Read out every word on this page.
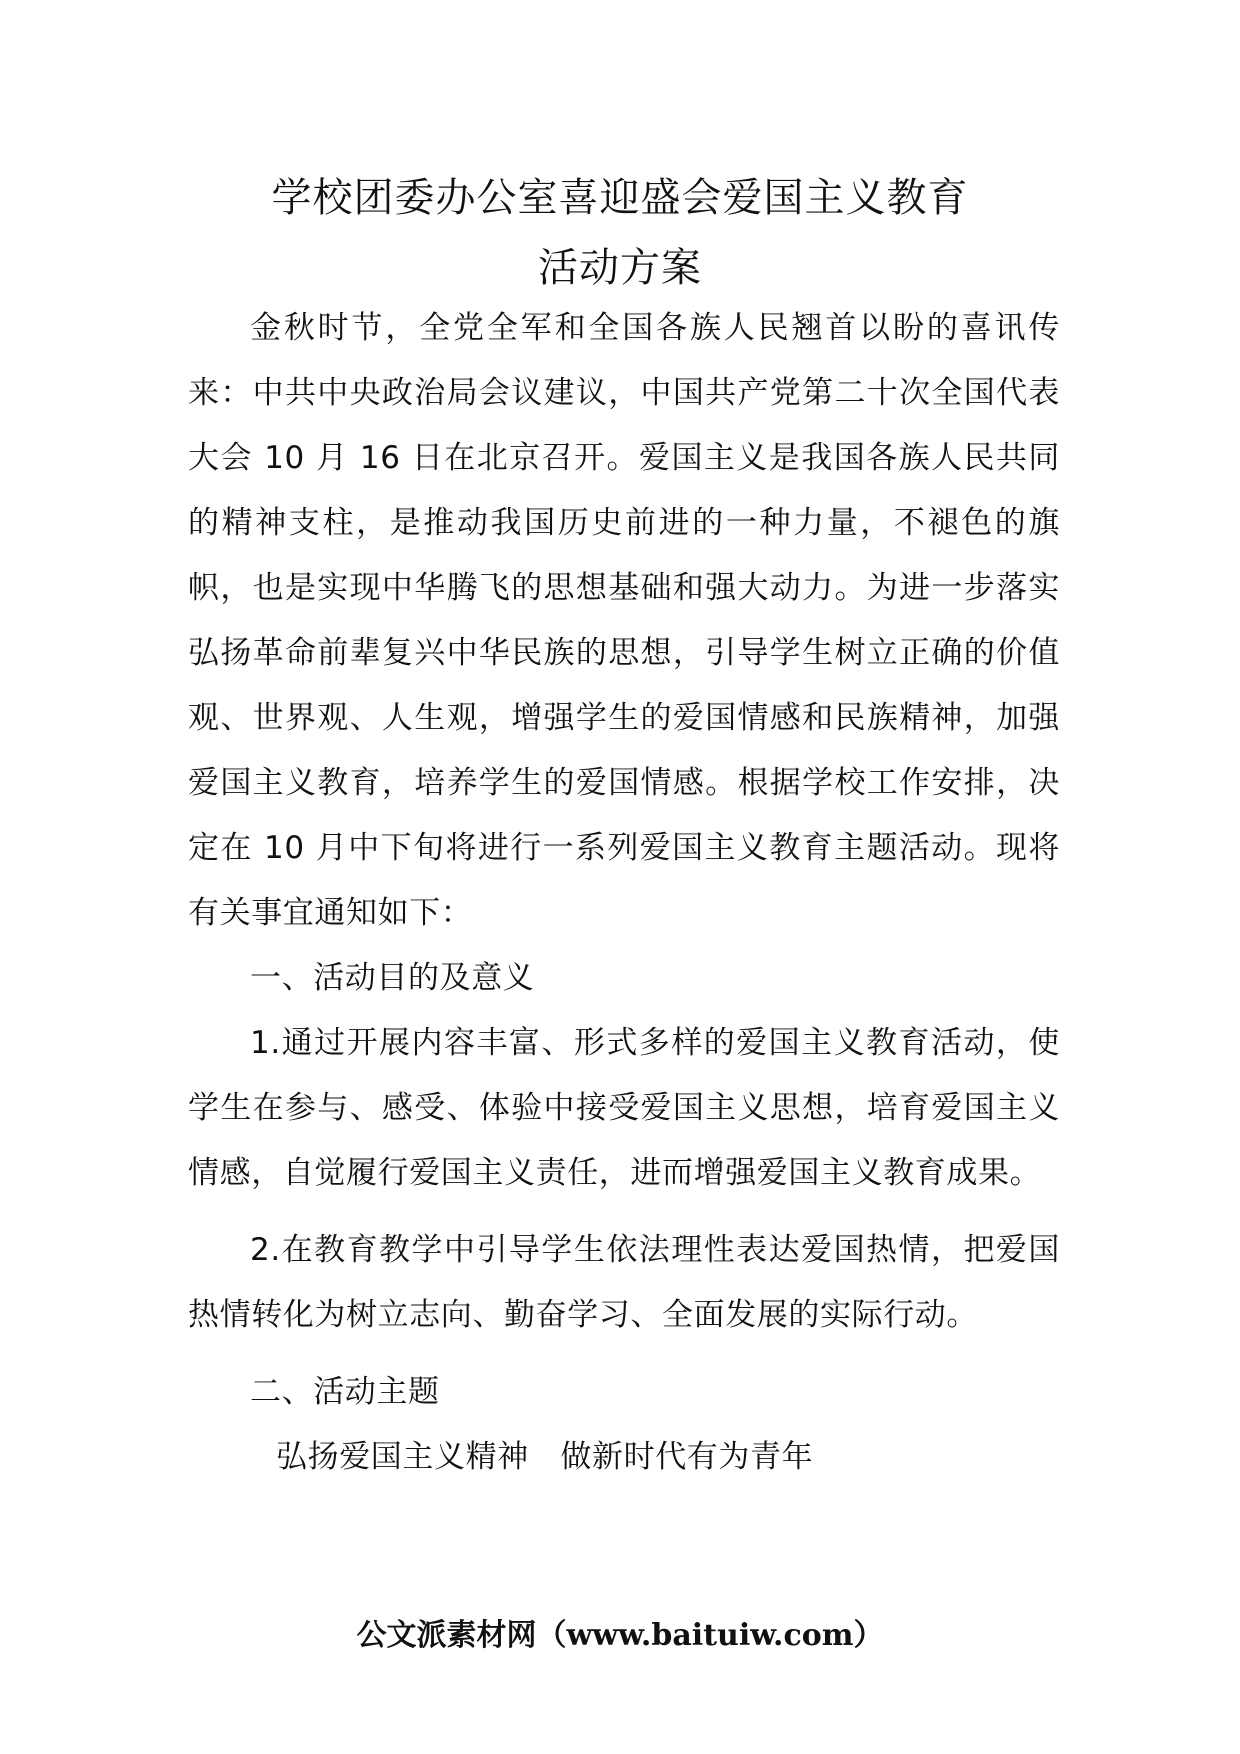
学校团委办公室喜迎盛会爱国主义教育
活动方案

金秋时节，全党全军和全国各族人民翘首以盼的喜讯传来：中共中央政治局会议建议，中国共产党第二十次全国代表大会 10 月 16 日在北京召开。爱国主义是我国各族人民共同的精神支柱，是推动我国历史前进的一种力量，不褪色的旗帜，也是实现中华腾飞的思想基础和强大动力。为进一步落实弘扬革命前辈复兴中华民族的思想，引导学生树立正确的价值观、世界观、人生观，增强学生的爱国情感和民族精神，加强爱国主义教育，培养学生的爱国情感。根据学校工作安排，决定在 10 月中下旬将进行一系列爱国主义教育主题活动。现将有关事宜通知如下：

一、活动目的及意义

1.通过开展内容丰富、形式多样的爱国主义教育活动，使学生在参与、感受、体验中接受爱国主义思想，培育爱国主义情感，自觉履行爱国主义责任，进而增强爱国主义教育成果。

2.在教育教学中引导学生依法理性表达爱国热情，把爱国热情转化为树立志向、勤奋学习、全面发展的实际行动。

二、活动主题

弘扬爱国主义精神　做新时代有为青年

公文派素材网（www.baituiw.com）
